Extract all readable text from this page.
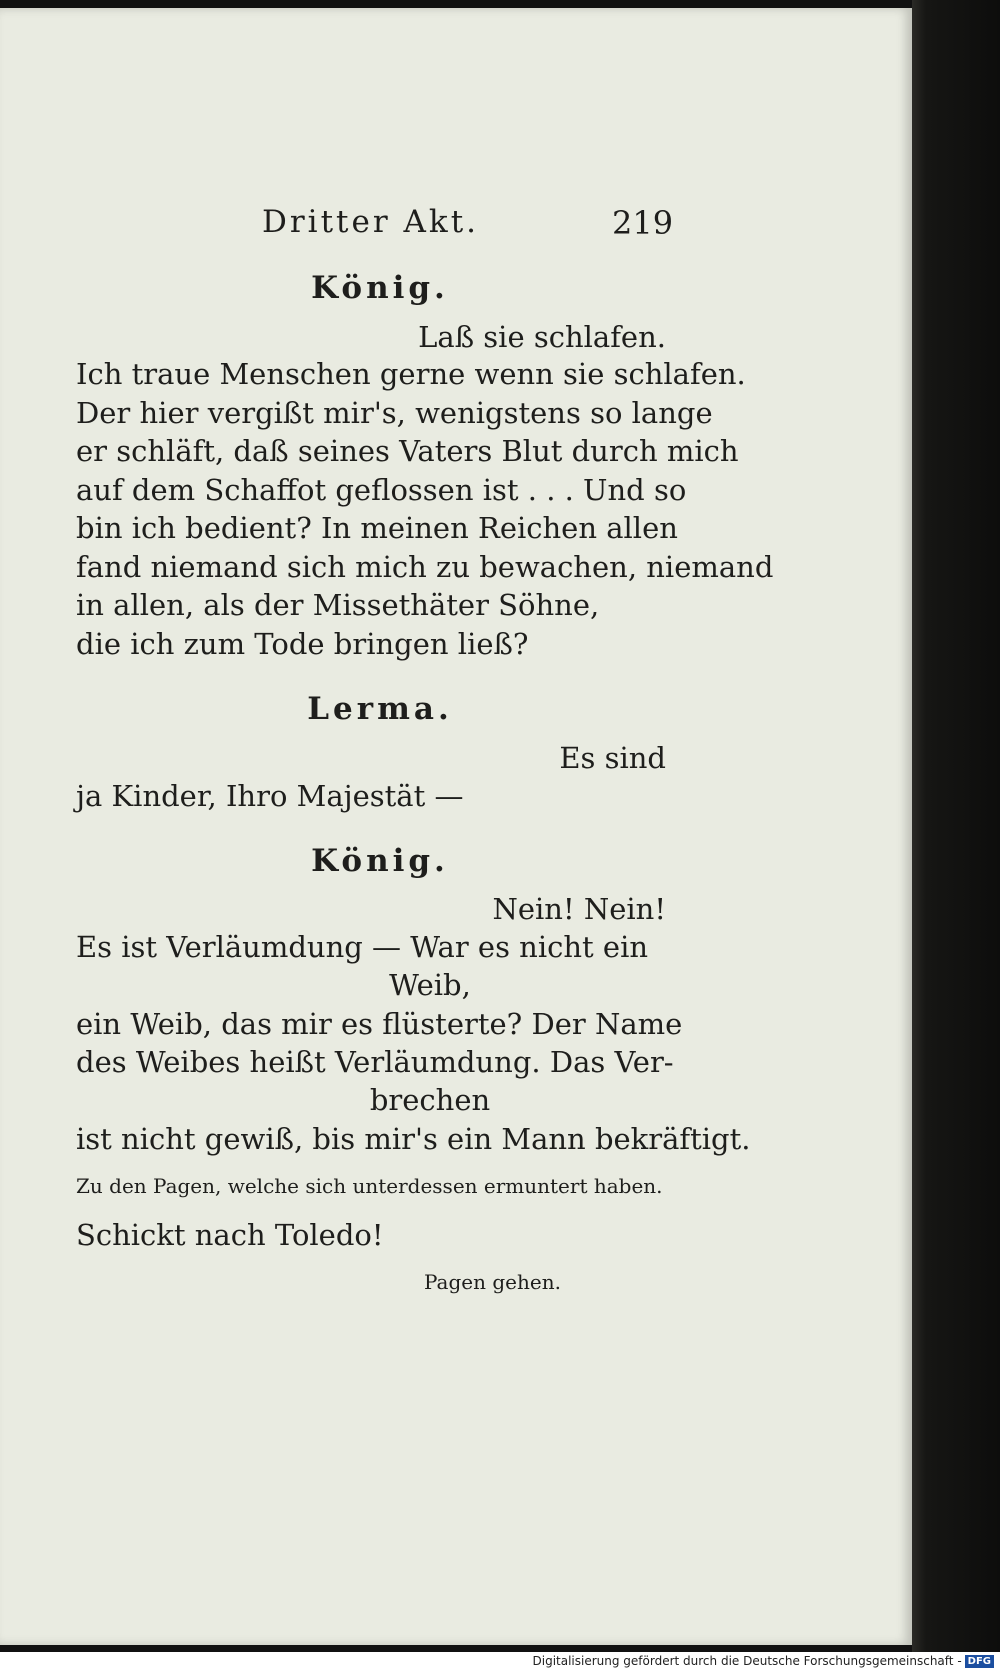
Dritter Akt.	219
König.
Laß sie schlafen.
Ich traue Menschen gerne wenn sie schlafen.
Der hier vergißt mir's, wenigstens so lange
er schläft, daß seines Vaters Blut durch mich
auf dem Schaffot geflossen ist . . . Und so
bin ich bedient? In meinen Reichen allen
fand niemand sich mich zu bewachen, niemand
in allen, als der Missethäter Söhne,
die ich zum Tode bringen ließ?
Lerma.
Es sind
ja Kinder, Ihro Majestät —
König.
Nein! Nein!
Es ist Verläumdung — War es nicht ein
Weib,
ein Weib, das mir es flüsterte? Der Name
des Weibes heißt Verläumdung. Das Ver-
brechen
ist nicht gewiß, bis mir's ein Mann bekräftigt.
Zu den Pagen, welche sich unterdessen ermuntert haben.
Schickt nach Toledo!
Pagen gehen.
Digitalisierung gefördert durch die Deutsche Forschungsgemeinschaft - DFG
